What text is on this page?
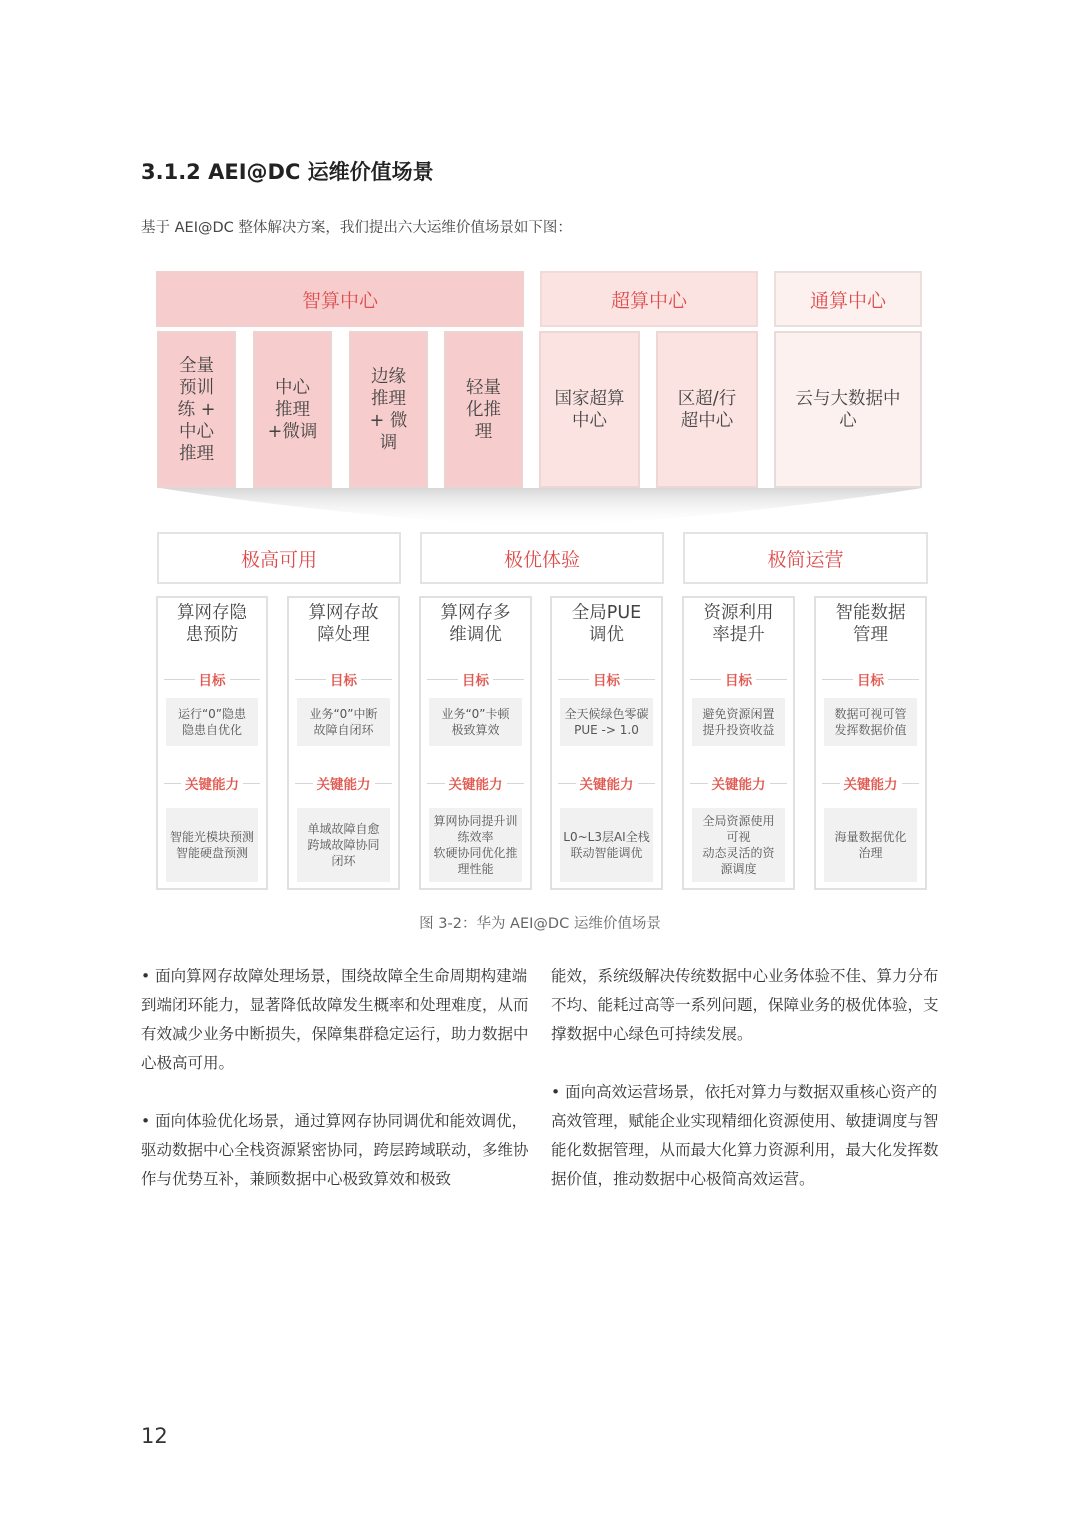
3.1.2 AEI@DC 运维价值场景
基于 AEI@DC 整体解决方案，我们提出六大运维价值场景如下图：
智算中心	超算中心	通算中心
全量
预训
练 +
中心
推理
中心
推理
+微调
边缘
推理
+ 微
调
轻量
化推
理
国家超算
中心
区超/行
超中心
云与大数据中
心
极高可用	极优体验	极简运营
算网存隐
患预防
目标
运行“0”隐患
隐患自优化
关键能力
智能光模块预测
智能硬盘预测
算网存故
障处理
目标
业务“0”中断
故障自闭环
关键能力
单域故障自愈
跨域故障协同
闭环
算网存多
维调优
目标
业务“0”卡顿
极致算效
关键能力
算网协同提升训
练效率
软硬协同优化推
理性能
全局PUE
调优
目标
全天候绿色零碳
PUE -> 1.0
关键能力
L0~L3层AI全栈
联动智能调优
资源利用
率提升
目标
避免资源闲置
提升投资收益
关键能力
全局资源使用
可视
动态灵活的资
源调度
智能数据
管理
目标
数据可视可管
发挥数据价值
关键能力
海量数据优化
治理
图 3-2：华为 AEI@DC 运维价值场景

• 面向算网存故障处理场景，围绕故障全生命周期构建端到端闭环能力，显著降低故障发生概率和处理难度，从而有效减少业务中断损失，保障集群稳定运行，助力数据中心极高可用。

• 面向体验优化场景，通过算网存协同调优和能效调优，驱动数据中心全栈资源紧密协同，跨层跨域联动，多维协作与优势互补，兼顾数据中心极致算效和极致

能效，系统级解决传统数据中心业务体验不佳、算力分布不均、能耗过高等一系列问题，保障业务的极优体验，支撑数据中心绿色可持续发展。

• 面向高效运营场景，依托对算力与数据双重核心资产的高效管理，赋能企业实现精细化资源使用、敏捷调度与智能化数据管理，从而最大化算力资源利用，最大化发挥数据价值，推动数据中心极简高效运营。

12
